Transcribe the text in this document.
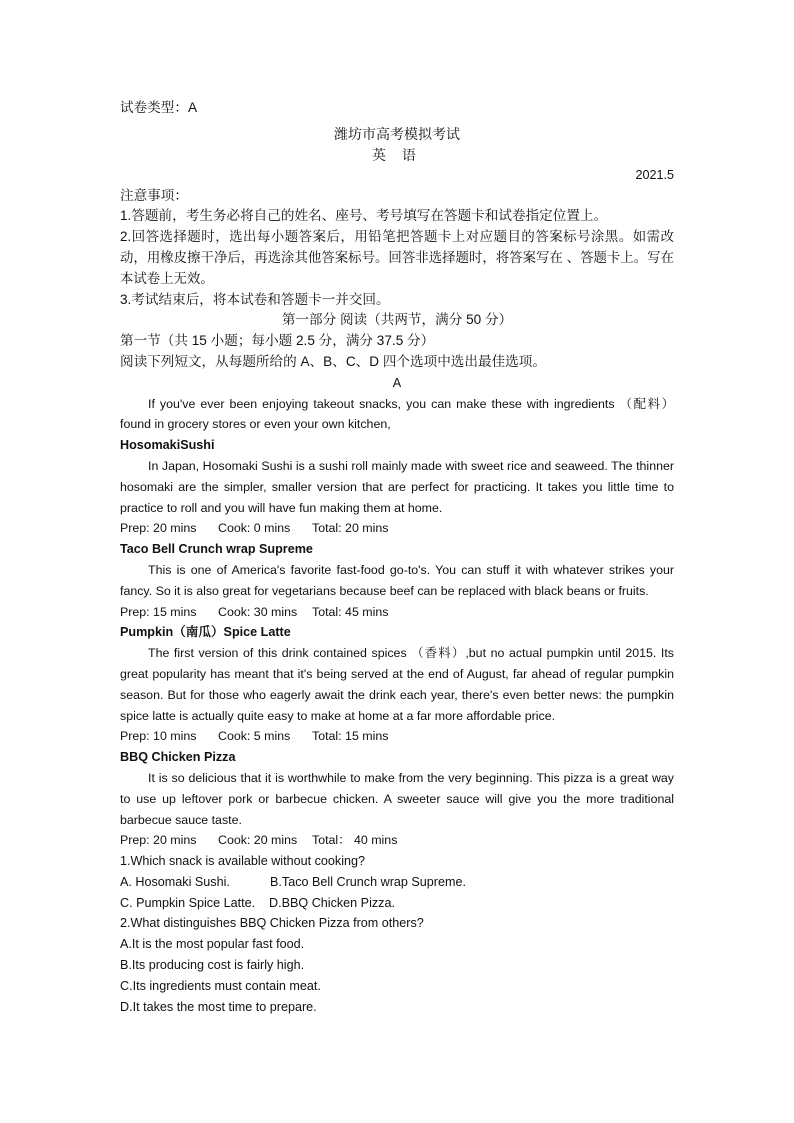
试卷类型：A
潍坊市高考模拟考试
英 语
2021.5
注意事项：
1.答题前，考生务必将自己的姓名、座号、考号填写在答题卡和试卷指定位置上。
2.回答选择题时，选出每小题答案后，用铅笔把答题卡上对应题目的答案标号涂黑。如需改动，用橡皮擦干净后，再选涂其他答案标号。回答非选择题时，将答案写在 、答题卡上。写在本试卷上无效。
3.考试结束后，将本试卷和答题卡一并交回。
第一部分 阅读（共两节，满分 50 分）
第一节（共 15 小题；每小题 2.5 分，满分 37.5 分）
阅读下列短文，从每题所给的 A、B、C、D 四个选项中选出最佳选项。
A
If you've ever been enjoying takeout snacks, you can make these with ingredients （配料） found in grocery stores or even your own kitchen,
HosomakiSushi
In Japan, Hosomaki Sushi is a sushi roll mainly made with sweet rice and seaweed. The thinner hosomaki are the simpler, smaller version that are perfect for practicing. It takes you little time to practice to roll and you will have fun making them at home.
Prep: 20 mins Cook: 0 mins Total: 20 mins
Taco Bell Crunch wrap Supreme
This is one of America's favorite fast-food go-to's. You can stuff it with whatever strikes your fancy. So it is also great for vegetarians because beef can be replaced with black beans or fruits.
Prep: 15 mins Cook: 30 mins Total: 45 mins
Pumpkin（南瓜）Spice Latte
The first version of this drink contained spices （香料）,but no actual pumpkin until 2015. Its great popularity has meant that it's being served at the end of August, far ahead of regular pumpkin season. But for those who eagerly await the drink each year, there's even better news: the pumpkin spice latte is actually quite easy to make at home at a far more affordable price.
Prep: 10 mins Cook: 5 mins Total: 15 mins
BBQ Chicken Pizza
It is so delicious that it is worthwhile to make from the very beginning. This pizza is a great way to use up leftover pork or barbecue chicken. A sweeter sauce will give you the more traditional barbecue sauce taste.
Prep: 20 mins Cook: 20 mins Total： 40 mins
1.Which snack is available without cooking?
A. Hosomaki Sushi.	B.Taco Bell Crunch wrap Supreme.
C. Pumpkin Spice Latte. D.BBQ Chicken Pizza.
2.What distinguishes BBQ Chicken Pizza from others?
A.It is the most popular fast food.
B.Its producing cost is fairly high.
C.Its ingredients must contain meat.
D.It takes the most time to prepare.
